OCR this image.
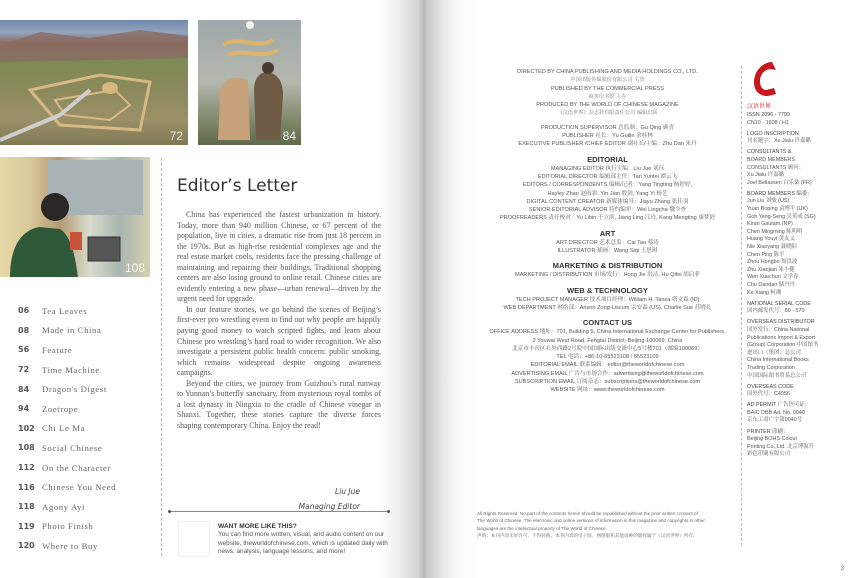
72	84
108
06	Tea Leaves
08	Made in China
56	Feature
72	Time Machine
84	Dragon's Digest
94	Zoetrope
102 Chi Le Ma
108 Social Chinese
112 On the Character
116 Chinese You Need
118 Agony Ayi
119 Photo Finish
120 Where to Buy
Editor’s Letter

China has experienced the fastest urbanization in history. Today, more than 940 million Chinese, or 67 percent of the population, live in cities, a dramatic rise from just 18 percent in the 1970s. But as high-rise residential complexes age and the real estate market cools, residents face the pressing challenge of maintaining and repairing their buildings. Traditional shopping centers are also losing ground to online retail. Chinese cities are evidently entering a new phase—urban renewal—driven by the urgent need for upgrade.

In our feature stories, we go behind the scenes of Beijing’s first-ever pro wrestling event to find out why people are happily paying good money to watch scripted fights, and learn about Chinese pro wrestling’s hard road to wider recognition. We also investigate a persistent public health concern: public smoking, which remains widespread despite ongoing awareness campaigns.

Beyond the cities, we journey from Guizhou’s rural runway to Yunnan’s butterfly sanctuary, from mysterious royal tombs of a lost dynasty in Ningxia to the cradle of Chinese vinegar in Shanxi. Together, these stories capture the diverse forces shaping contemporary China. Enjoy the read!

Liu Jue
Managing Editor
WANT MORE LIKE THIS?
You can find more written, visual, and audio content on our website, theworldofchinese.com, which is updated daily with news, analysis, language lessons, and more!
DIRECTED BY CHINA PUBLISHING AND MEDIA HOLDINGS CO., LTD.
中国出版传媒股份有限公司 主管
PUBLISHED BY THE COMMERCIAL PRESS
商务印书馆 主办
PRODUCED BY THE WORLD OF CHINESE MAGAZINE
《汉语世界》杂志社有限责任公司 编辑出版
PRODUCTION SUPERVISOR 总监制：Gu Qing 顾青
PUBLISHER 社长：Yu Guilin 余桂林
EXECUTIVE PUBLISHER /CHIEF EDITOR 副社长/主编：Zhu Dan 朱丹
EDITORIAL
MANAGING EDITOR 执行主编：Liu Jue 刘珏
EDITORIAL DIRECTOR 编辑部主任：Tan Yunfei 谭云飞
EDITORS / CORRESPONDENTS 编辑/记者：Yang Tingting 杨婷婷,
Hayley Zhao 赵雨霏, Yin Jian 殷剑, Yang Yi 杨艺
DIGITAL CONTENT CREATOR 新媒体编导：Jiayu Zhang 张佳羽
SENIOR EDITORIAL ADVISOR 特约编审：Wei Lingcha 魏令查
PROOFREADERS 责任校对：Yu Libin 于立滨, Jiang Ling 江玲, Kang Mengting 康梦婷
ART
ART DIRECTOR 艺术总监：Cai Tao 蔡涛
ILLUSTRATOR 插画：Wang Siqi 王思琪
MARKETING & DISTRIBUTION
MARKETING / DISTRIBUTION 市场/发行：Hong Jie 洪洁, Hu Qifei 胡启菲
WEB & TECHNOLOGY
TECH PROJECT MANAGER 技术项目经理：William H. Tanza 塔文森 (ID)
WEB DEPARTMENT 网络部：Anson Zong-Liscum 宗安森 (US), Charlie Sue 苏晓礼
CONTACT US
OFFICE ADDRESS 地址：701, Building 5, China International Exchange Center for Publishers,
2 Youwai West Road, Fengtai District, Beijing 100069, China
北京市丰台区右外西路2号院中国国际出版交流中心5号楼701（邮编100069）
TEL 电话：+86-10-65523108 / 65523109
EDITORIAL EMAIL 联系编辑：editor@theworldofchinese.com
ADVERTISING EMAIL 广告与市场合作：advertising@theworldofchinese.com
SUBSCRIPTION EMAIL 订阅杂志：subscriptions@theworldofchinese.com
WEBSITE 网址：www.theworldofchinese.com
All Rights Reserved. No part of the contents herein should be republished without the prior written consent of
The World of Chinese. The electronic and online versions of information in this magazine and copyrights in other
languages are the intellectual property of The World of Chinese.
声明：本刊内容未经许可，不得转载。本刊内容的电子版、网络版和其他语种的版权属于《汉语世界》所有。
汉语世界
ISSN 2096 - 7799
CN10 - 1608 / H1
LOGO INSCRIPTION
刊名题字：Xu Jialu 许嘉璐
CONSULTANTS &
BOARD MEMBERS
CONSULTANTS 顾问：
Xu Jialu 许嘉璐
Joel Bellassen 白乐桑 (FR)
BOARD MEMBERS 编委：
Jun Liu 刘骏 (US)
Yuan Boping 袁博平 (UK)
Goh Yeng-Seng 吴英成 (SG)
Kiran Gautam (NP)
Chen Mingming 陈明明
Huang Youyi 黄友义
Nie Xiaoyang 聂晓阳
Chen Ping 陈平
Zhou Hongbo 周洪波
Zhu Xiaojian 朱小健
Wen Xuechun 文学春
Chu Dandan 储丹丹
Ke Xiang 柯湘
NATIONAL SERIAL CODE
国内邮发代号：80 - 570
OVERSEAS DISTRIBUTOR
国外发行：China National
Publications Import & Export
(Group) Corporation 中国图书
进出口（集团）总公司
China International Books
Trading Corporation
中国国际图书贸易总公司
OVERSEAS CODE
国外代号：C4956
AD PERMIT 广告许可证：
BAIC DBB Ad. No. 0040
京东工商广字第0040号
PRINTER 印刷：
Beijing BOHS Colour
Printing Co.,Ltd. 北京博海升
彩色印刷有限公司
3
